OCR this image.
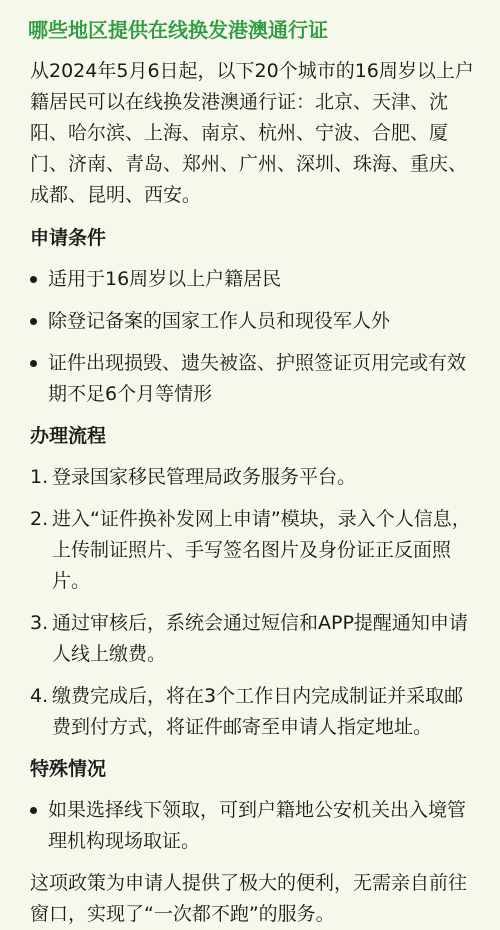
哪些地区提供在线换发港澳通行证

从2024年5月6日起，以下20个城市的16周岁以上户籍居民可以在线换发港澳通行证：北京、天津、沈阳、哈尔滨、上海、南京、杭州、宁波、合肥、厦门、济南、青岛、郑州、广州、深圳、珠海、重庆、成都、昆明、西安。

申请条件
适用于16周岁以上户籍居民
除登记备案的国家工作人员和现役军人外
证件出现损毁、遗失被盗、护照签证页用完或有效期不足6个月等情形
办理流程
1. 登录国家移民管理局政务服务平台。
2. 进入“证件换补发网上申请”模块，录入个人信息，上传制证照片、手写签名图片及身份证正反面照片。
3. 通过审核后，系统会通过短信和APP提醒通知申请人线上缴费。
4. 缴费完成后，将在3个工作日内完成制证并采取邮费到付方式，将证件邮寄至申请人指定地址。
特殊情况
如果选择线下领取，可到户籍地公安机关出入境管理机构现场取证。

这项政策为申请人提供了极大的便利，无需亲自前往窗口，实现了“一次都不跑”的服务。
